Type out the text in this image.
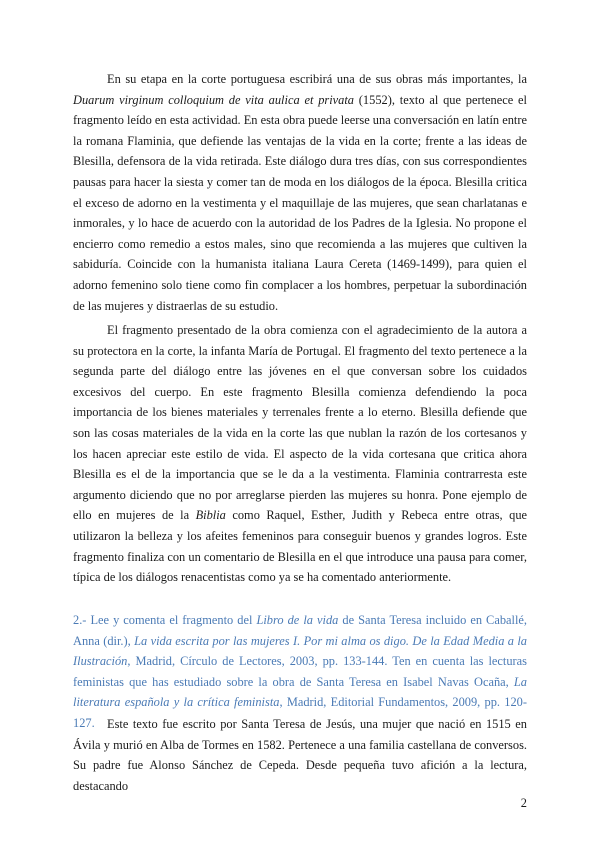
En su etapa en la corte portuguesa escribirá una de sus obras más importantes, la Duarum virginum colloquium de vita aulica et privata (1552), texto al que pertenece el fragmento leído en esta actividad. En esta obra puede leerse una conversación en latín entre la romana Flaminia, que defiende las ventajas de la vida en la corte; frente a las ideas de Blesilla, defensora de la vida retirada. Este diálogo dura tres días, con sus correspondientes pausas para hacer la siesta y comer tan de moda en los diálogos de la época. Blesilla critica el exceso de adorno en la vestimenta y el maquillaje de las mujeres, que sean charlatanas e inmorales, y lo hace de acuerdo con la autoridad de los Padres de la Iglesia. No propone el encierro como remedio a estos males, sino que recomienda a las mujeres que cultiven la sabiduría. Coincide con la humanista italiana Laura Cereta (1469-1499), para quien el adorno femenino solo tiene como fin complacer a los hombres, perpetuar la subordinación de las mujeres y distraerlas de su estudio.

El fragmento presentado de la obra comienza con el agradecimiento de la autora a su protectora en la corte, la infanta María de Portugal. El fragmento del texto pertenece a la segunda parte del diálogo entre las jóvenes en el que conversan sobre los cuidados excesivos del cuerpo. En este fragmento Blesilla comienza defendiendo la poca importancia de los bienes materiales y terrenales frente a lo eterno. Blesilla defiende que son las cosas materiales de la vida en la corte las que nublan la razón de los cortesanos y los hacen apreciar este estilo de vida. El aspecto de la vida cortesana que critica ahora Blesilla es el de la importancia que se le da a la vestimenta. Flaminia contrarresta este argumento diciendo que no por arreglarse pierden las mujeres su honra. Pone ejemplo de ello en mujeres de la Biblia como Raquel, Esther, Judith y Rebeca entre otras, que utilizaron la belleza y los afeites femeninos para conseguir buenos y grandes logros. Este fragmento finaliza con un comentario de Blesilla en el que introduce una pausa para comer, típica de los diálogos renacentistas como ya se ha comentado anteriormente.

2.- Lee y comenta el fragmento del Libro de la vida de Santa Teresa incluido en Caballé, Anna (dir.), La vida escrita por las mujeres I. Por mi alma os digo. De la Edad Media a la Ilustración, Madrid, Círculo de Lectores, 2003, pp. 133-144. Ten en cuenta las lecturas feministas que has estudiado sobre la obra de Santa Teresa en Isabel Navas Ocaña, La literatura española y la crítica feminista, Madrid, Editorial Fundamentos, 2009, pp. 120-127. Este texto fue escrito por Santa Teresa de Jesús, una mujer que nació en 1515 en Ávila y murió en Alba de Tormes en 1582. Pertenece a una familia castellana de conversos. Su padre fue Alonso Sánchez de Cepeda. Desde pequeña tuvo afición a la lectura, destacando

2
